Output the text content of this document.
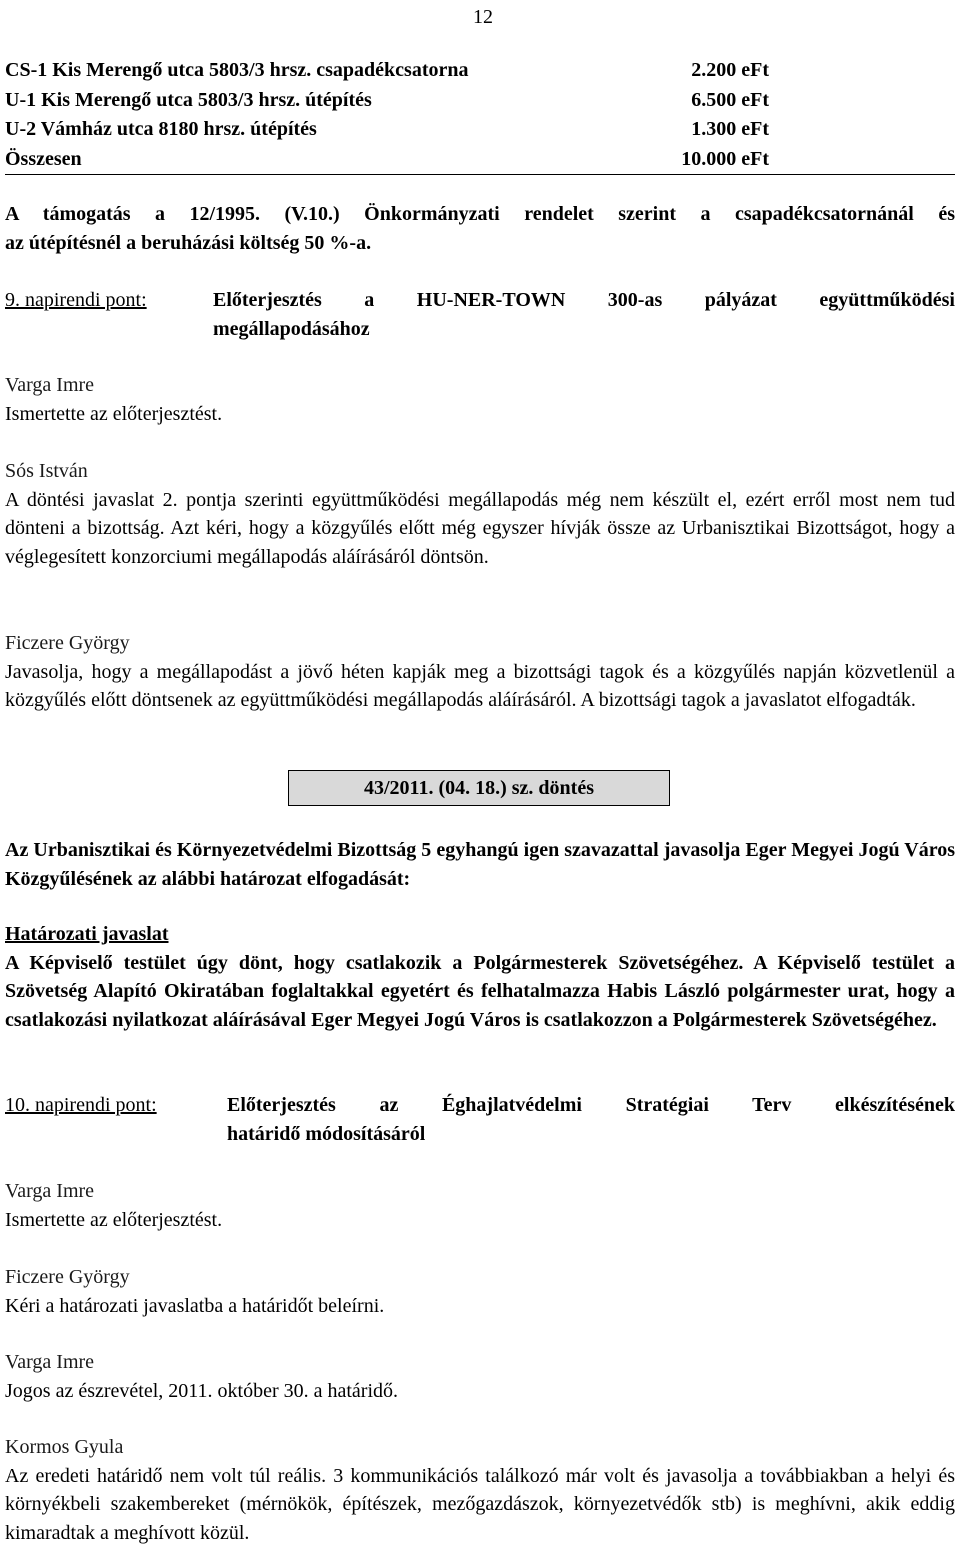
12
CS-1 Kis Merengő utca 5803/3 hrsz. csapadékcsatorna	2.200 eFt
U-1 Kis Merengő utca 5803/3 hrsz. útépítés	6.500 eFt
U-2 Vámház utca 8180 hrsz. útépítés	1.300 eFt
Összesen	10.000 eFt
A támogatás a 12/1995. (V.10.) Önkormányzati rendelet szerint a csapadékcsatornánál és
az útépítésnél a beruházási költség 50 %-a.
9. napirendi pont:	Előterjesztés a HU-NER-TOWN 300-as pályázat együttműködési
megállapodásához
Varga Imre
Ismertette az előterjesztést.
Sós István
A döntési javaslat 2. pontja szerinti együttműködési megállapodás még nem készült el, ezért erről most nem tud dönteni a bizottság. Azt kéri, hogy a közgyűlés előtt még egyszer hívják össze az Urbanisztikai Bizottságot, hogy a véglegesített konzorciumi megállapodás aláírásáról döntsön.
Ficzere György
Javasolja, hogy a megállapodást a jövő héten kapják meg a bizottsági tagok és a közgyűlés napján közvetlenül a közgyűlés előtt döntsenek az együttműködési megállapodás aláírásáról. A bizottsági tagok a javaslatot elfogadták.
43/2011. (04. 18.) sz. döntés
Az Urbanisztikai és Környezetvédelmi Bizottság 5 egyhangú igen szavazattal javasolja Eger Megyei Jogú Város Közgyűlésének az alábbi határozat elfogadását:
Határozati javaslat
A Képviselő testület úgy dönt, hogy csatlakozik a Polgármesterek Szövetségéhez. A Képviselő testület a Szövetség Alapító Okiratában foglaltakkal egyetért és felhatalmazza Habis László polgármester urat, hogy a csatlakozási nyilatkozat aláírásával Eger Megyei Jogú Város is csatlakozzon a Polgármesterek Szövetségéhez.
10. napirendi pont:	Előterjesztés az Éghajlatvédelmi Stratégiai Terv elkészítésének
határidő módosításáról
Varga Imre
Ismertette az előterjesztést.
Ficzere György
Kéri a határozati javaslatba a határidőt beleírni.
Varga Imre
Jogos az észrevétel, 2011. október 30. a határidő.
Kormos Gyula
Az eredeti határidő nem volt túl reális. 3 kommunikációs találkozó már volt és javasolja a továbbiakban a helyi és környékbeli szakembereket (mérnökök, építészek, mezőgazdászok, környezetvédők stb) is meghívni, akik eddig kimaradtak a meghívott közül.
